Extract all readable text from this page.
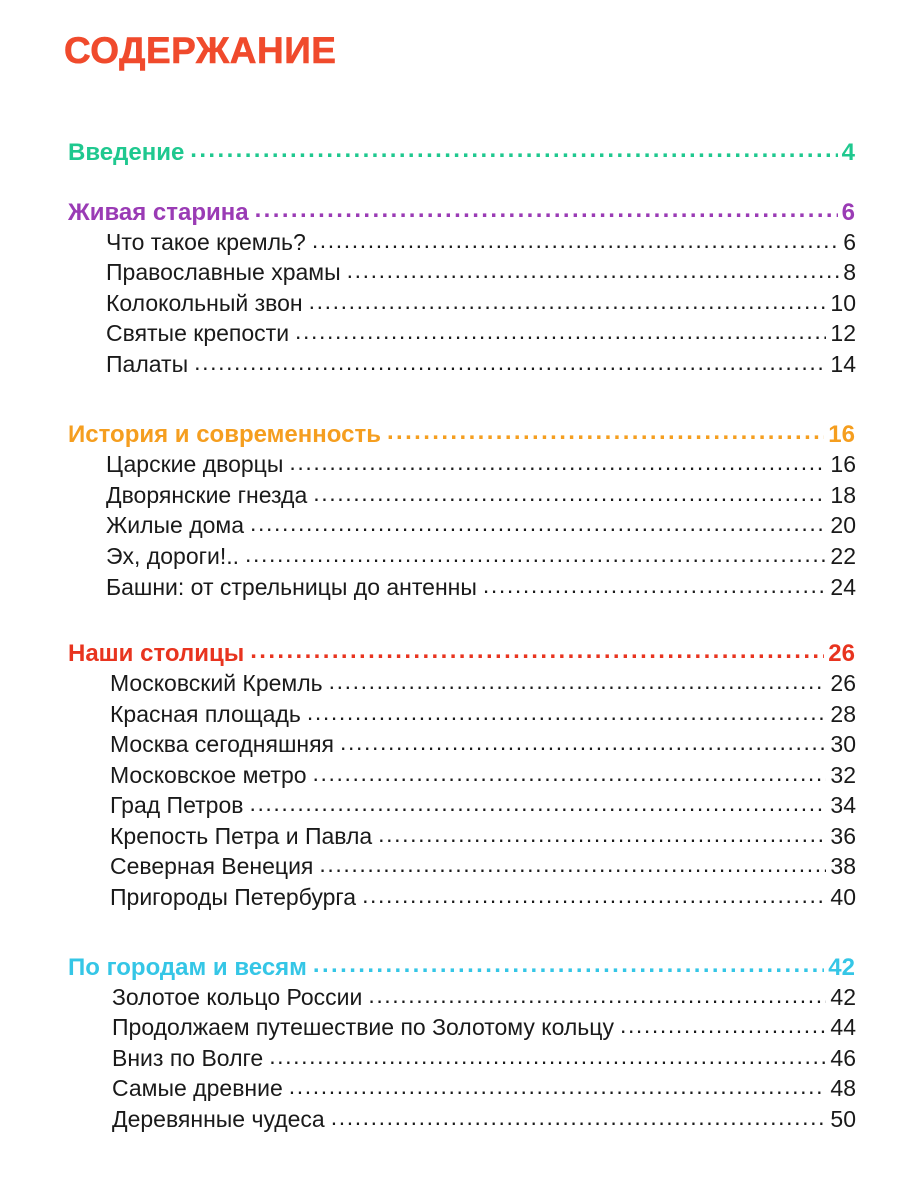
СОДЕРЖАНИЕ
Введение .....	4
Живая старина .....	6
Что такое кремль? .....	6
Православные храмы .....	8
Колокольный звон .....	10
Святые крепости .....	12
Палаты .....	14
История и современность .....	16
Царские дворцы .....	16
Дворянские гнезда .....	18
Жилые дома .....	20
Эх, дороги!.. .....	22
Башни: от стрельницы до антенны .....	24
Наши столицы .....	26
Московский Кремль .....	26
Красная площадь .....	28
Москва сегодняшняя .....	30
Московское метро .....	32
Град Петров .....	34
Крепость Петра и Павла .....	36
Северная Венеция .....	38
Пригороды Петербурга .....	40
По городам и весям .....	42
Золотое кольцо России .....	42
Продолжаем путешествие по Золотому кольцу .....	44
Вниз по Волге .....	46
Самые древние .....	48
Деревянные чудеса .....	50
